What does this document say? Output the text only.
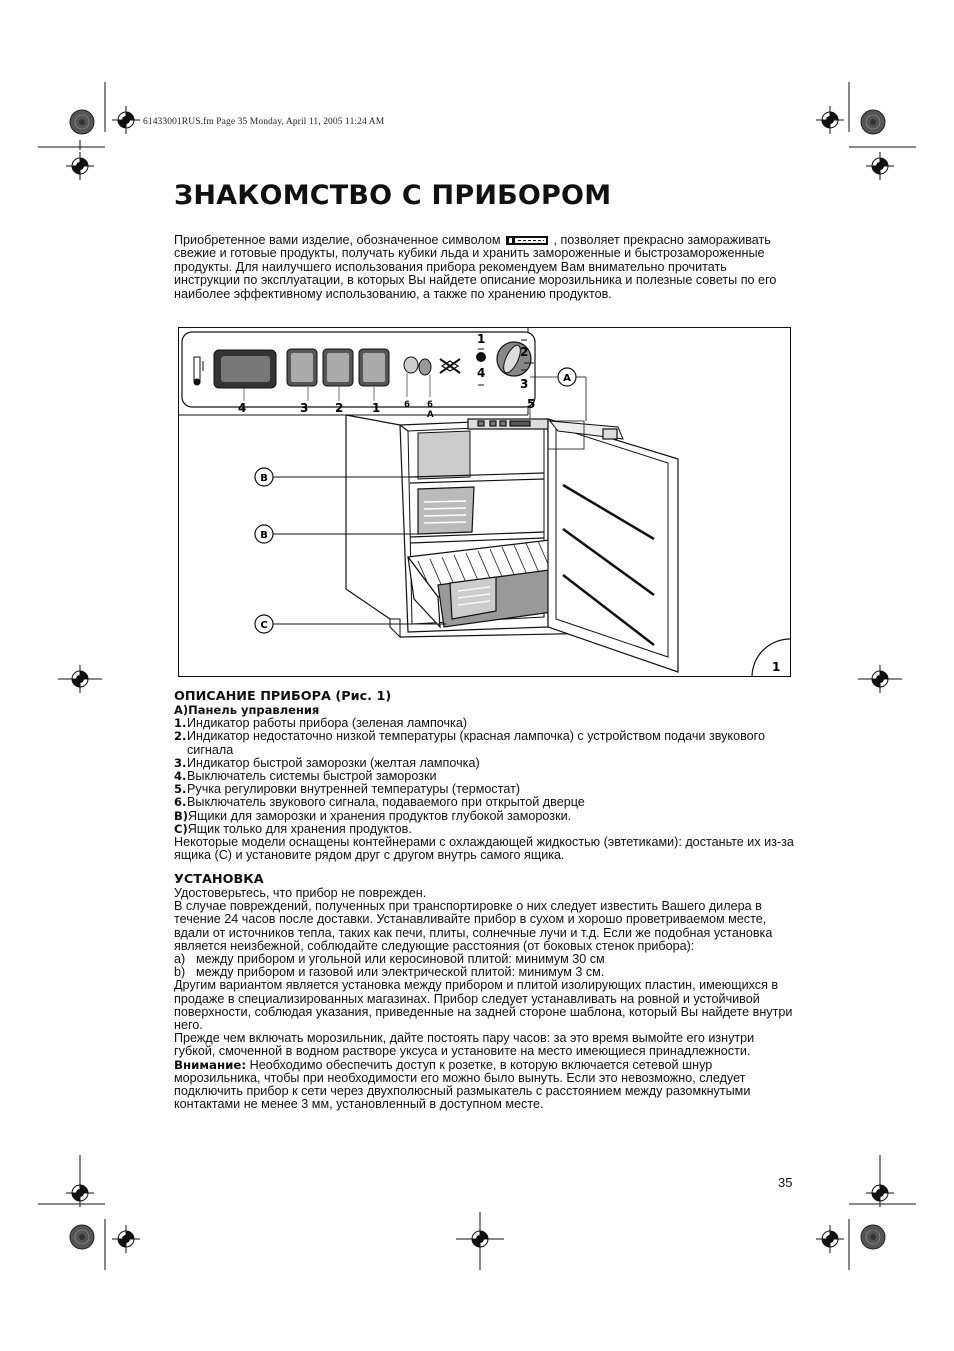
61433001RUS.fm Page 35 Monday, April 11, 2005 11:24 AM
ЗНАКОМСТВО С ПРИБОРОМ

Приобретенное вами изделие, обозначенное символом	, позволяет прекрасно замораживать свежие и готовые продукты, получать кубики льда и хранить замороженные и быстрозамороженные продукты. Для наилучшего использования прибора рекомендуем Вам внимательно прочитать инструкции по эксплуатации, в которых Вы найдете описание морозильника и полезные советы по его наиболее эффективному использованию, а также по хранению продуктов.

4	3 2 1	6 6
A
1
2
4
3
5
A
B
B
C
1
ОПИСАНИЕ ПРИБОРА (Рис. 1)
A)Панель управления
1. Индикатор работы прибора (зеленая лампочка)
2. Индикатор недостаточно низкой температуры (красная лампочка) с устройством подачи звукового сигнала
3. Индикатор быстрой заморозки (желтая лампочка)
4. Выключатель системы быстрой заморозки
5. Ручка регулировки внутренней температуры (термостат)
6. Выключатель звукового сигнала, подаваемого при открытой дверце
B) Ящики для заморозки и хранения продуктов глубокой заморозки.
C) Ящик только для хранения продуктов.

Некоторые модели оснащены контейнерами с охлаждающей жидкостью (эвтетиками): достаньте их из-за ящика (C) и установите рядом друг с другом внутрь самого ящика.

УСТАНОВКА

Удостоверьтесь, что прибор не поврежден.

В случае повреждений, полученных при транспортировке о них следует известить Вашего дилера в течение 24 часов после доставки. Устанавливайте прибор в сухом и хорошо проветриваемом месте, вдали от источников тепла, таких как печи, плиты, солнечные лучи и т.д. Если же подобная установка является неизбежной, соблюдайте следующие расстояния (от боковых стенок прибора):

a) между прибором и угольной или керосиновой плитой: минимум 30 см
b) между прибором и газовой или электрической плитой: минимум 3 см.

Другим вариантом является установка между прибором и плитой изолирующих пластин, имеющихся в продаже в специализированных магазинах. Прибор следует устанавливать на ровной и устойчивой поверхности, соблюдая указания, приведенные на задней стороне шаблона, который Вы найдете внутри него.

Прежде чем включать морозильник, дайте постоять пару часов: за это время вымойте его изнутри губкой, смоченной в водном растворе уксуса и установите на место имеющиеся принадлежности.

Внимание: Необходимо обеспечить доступ к розетке, в которую включается сетевой шнур морозильника, чтобы при необходимости его можно было вынуть. Если это невозможно, следует подключить прибор к сети через двухполюсный размыкатель с расстоянием между разомкнутыми контактами не менее 3 мм, установленный в доступном месте.

35
